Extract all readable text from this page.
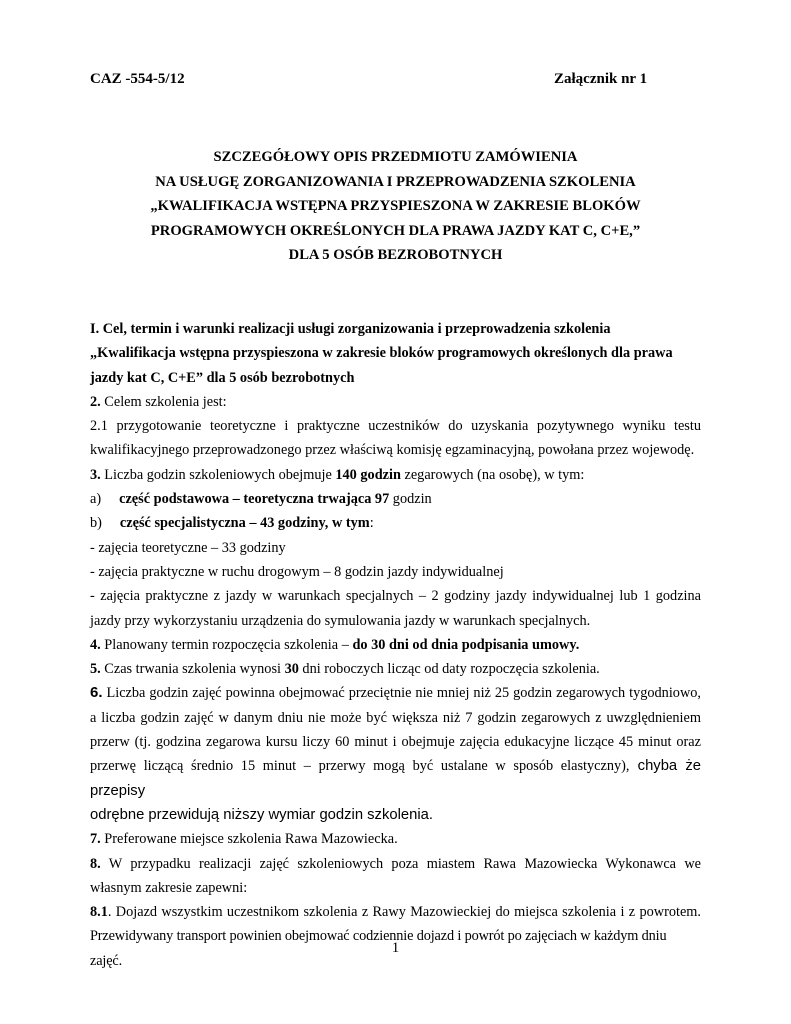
CAZ -554-5/12	Załącznik nr 1
SZCZEGÓŁOWY OPIS PRZEDMIOTU ZAMÓWIENIA
NA USŁUGĘ ZORGANIZOWANIA I PRZEPROWADZENIA SZKOLENIA
„KWALIFIKACJA WSTĘPNA PRZYSPIESZONA W ZAKRESIE BLOKÓW
PROGRAMOWYCH OKREŚLONYCH DLA PRAWA JAZDY KAT C, C+E,”
DLA 5 OSÓB BEZROBOTNYCH

I. Cel, termin i warunki realizacji usługi zorganizowania i przeprowadzenia szkolenia

„Kwalifikacja wstępna przyspieszona w zakresie bloków programowych określonych dla prawa

jazdy kat C, C+E” dla 5 osób bezrobotnych

2. Celem szkolenia jest:

2.1 przygotowanie teoretyczne i praktyczne uczestników do uzyskania pozytywnego wyniku testu

kwalifikacyjnego przeprowadzonego przez właściwą komisję egzaminacyjną, powołana przez wojewodę.

3. Liczba godzin szkoleniowych obejmuje 140 godzin zegarowych (na osobę), w tym:

a) część podstawowa – teoretyczna trwająca 97 godzin

b) część specjalistyczna – 43 godziny, w tym:

- zajęcia teoretyczne – 33 godziny

- zajęcia praktyczne w ruchu drogowym – 8 godzin jazdy indywidualnej

- zajęcia praktyczne z jazdy w warunkach specjalnych – 2 godziny jazdy indywidualnej lub 1 godzina

jazdy przy wykorzystaniu urządzenia do symulowania jazdy w warunkach specjalnych.

4. Planowany termin rozpoczęcia szkolenia – do 30 dni od dnia podpisania umowy.

5. Czas trwania szkolenia wynosi 30 dni roboczych licząc od daty rozpoczęcia szkolenia.

6. Liczba godzin zajęć powinna obejmować przeciętnie nie mniej niż 25 godzin zegarowych tygodniowo,

a liczba godzin zajęć w danym dniu nie może być większa niż 7 godzin zegarowych z uwzględnieniem

przerw (tj. godzina zegarowa kursu liczy 60 minut i obejmuje zajęcia edukacyjne liczące 45 minut oraz

przerwę liczącą średnio 15 minut – przerwy mogą być ustalane w sposób elastyczny), chyba że przepisy

odrębne przewidują niższy wymiar godzin szkolenia.

7. Preferowane miejsce szkolenia Rawa Mazowiecka.

8. W przypadku realizacji zajęć szkoleniowych poza miastem Rawa Mazowiecka Wykonawca we

własnym zakresie zapewni:

8.1. Dojazd wszystkim uczestnikom szkolenia z Rawy Mazowieckiej do miejsca szkolenia i z powrotem.

Przewidywany transport powinien obejmować codziennie dojazd i powrót po zajęciach w każdym dniu zajęć.

1
